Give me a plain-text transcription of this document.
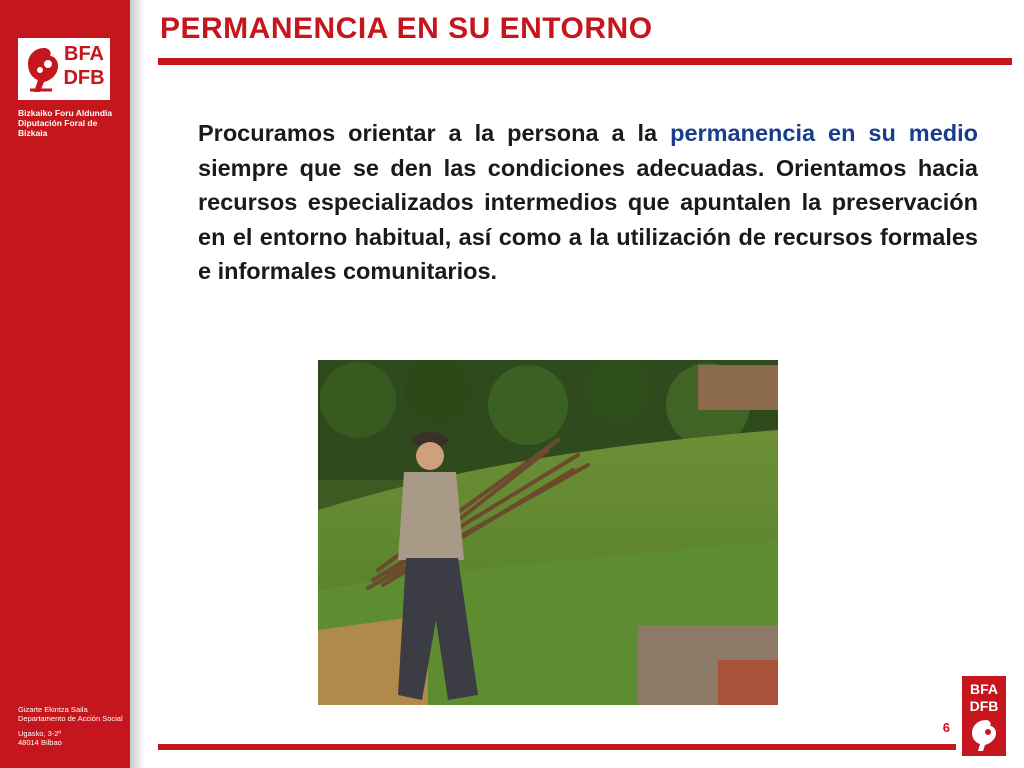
BFA
DFB
Bizkaiko Foru Aldundia
Diputación Foral de Bizkaia
Gizarte Ekintza Saila
Departamento de Acción Social
Ugasko, 3-2º
48014 Bilbao
PERMANENCIA EN SU ENTORNO
Procuramos orientar a la persona a la permanencia en su medio siempre que se den las condiciones adecuadas. Orientamos hacia recursos especializados intermedios que apuntalen la preservación en el entorno habitual, así como a la utilización de recursos formales e informales comunitarios.
6
BFA
DFB
